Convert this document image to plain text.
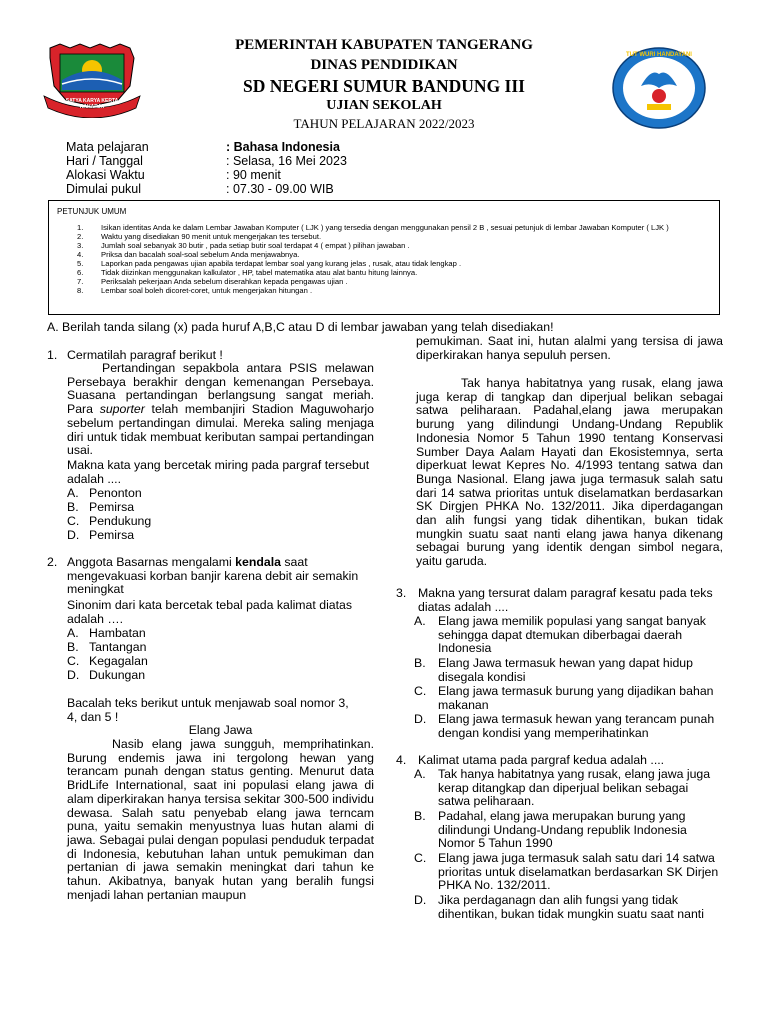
SATYA KARYA KERTA RAHARJA
TUT WURI HANDAYANI
PEMERINTAH KABUPATEN TANGERANG
DINAS PENDIDIKAN
SD NEGERI SUMUR BANDUNG III
UJIAN SEKOLAH
TAHUN PELAJARAN 2022/2023
Mata pelajaran	: Bahasa Indonesia
Hari / Tanggal	: Selasa, 16 Mei 2023
Alokasi Waktu	: 90 menit
Dimulai pukul	: 07.30 - 09.00 WIB
PETUNJUK UMUM
1. Isikan identitas Anda ke dalam Lembar Jawaban Komputer ( LJK ) yang tersedia dengan menggunakan pensil 2 B , sesuai petunjuk di lembar Jawaban Komputer ( LJK )
2. Waktu yang disediakan 90 menit untuk mengerjakan tes tersebut.
3. Jumlah soal sebanyak 30 butir , pada setiap butir soal terdapat 4 ( empat ) pilihan jawaban .
4. Priksa dan bacalah soal-soal sebelum Anda menjawabnya.
5. Laporkan pada pengawas ujian apabila terdapat lembar soal yang kurang jelas , rusak, atau tidak lengkap .
6. Tidak diizinkan menggunakan kalkulator , HP, tabel matematika atau alat bantu hitung lainnya.
7. Periksalah pekerjaan Anda sebelum diserahkan kepada pengawas ujian .
8. Lembar soal boleh dicoret-coret, untuk mengerjakan hitungan .
A. Berilah tanda silang (x) pada huruf A,B,C atau D di lembar jawaban yang telah disediakan!
1. Cermatilah paragraf berikut !
Pertandingan sepakbola antara PSIS melawan Persebaya berakhir dengan kemenangan Persebaya. Suasana pertandingan berlangsung sangat meriah. Para suporter telah membanjiri Stadion Maguwoharjo sebelum pertandingan dimulai. Mereka saling menjaga diri untuk tidak membuat keributan sampai pertandingan usai.
Makna kata yang bercetak miring pada pargraf tersebut adalah ....
A. Penonton
B. Pemirsa
C. Pendukung
D. Pemirsa
2. Anggota Basarnas mengalami kendala saat mengevakuasi korban banjir karena debit air semakin meningkat
Sinonim dari kata bercetak tebal pada kalimat diatas adalah ….
A. Hambatan
B. Tantangan
C. Kegagalan
D. Dukungan
Bacalah teks berikut untuk menjawab soal nomor 3, 4, dan 5 !
Elang Jawa
Nasib elang jawa sungguh, memprihatinkan. Burung endemis jawa ini tergolong hewan yang terancam punah dengan status genting. Menurut data BridLife International, saat ini populasi elang jawa di alam diperkirakan hanya tersisa sekitar 300-500 individu dewasa. Salah satu penyebab elang jawa terncam puna, yaitu semakin menyustnya luas hutan alami di jawa. Sebagai pulai dengan populasi penduduk terpadat di Indonesia, kebutuhan lahan untuk pemukiman dan pertanian di jawa semakin meningkat dari tahun ke tahun. Akibatnya, banyak hutan yang beralih fungsi menjadi lahan pertanian maupun
pemukiman. Saat ini, hutan alalmi yang tersisa di jawa diperkirakan hanya sepuluh persen.
Tak hanya habitatnya yang rusak, elang jawa juga kerap di tangkap dan diperjual belikan sebagai satwa peliharaan. Padahal,elang jawa merupakan burung yang dilindungi Undang-Undang Republik Indonesia Nomor 5 Tahun 1990 tentang Konservasi Sumber Daya Aalam Hayati dan Ekosistemnya, serta diperkuat lewat Kepres No. 4/1993 tentang satwa dan Bunga Nasional. Elang jawa juga termasuk salah satu dari 14 satwa prioritas untuk diselamatkan berdasarkan SK Dirgjen PHKA No. 132/2011. Jika diperdagangan dan alih fungsi yang tidak dihentikan, bukan tidak mungkin suatu saat nanti elang jawa hanya dikenang sebagai burung yang identik dengan simbol negara, yaitu garuda.
3. Makna yang tersurat dalam paragraf kesatu pada teks diatas adalah ....
A. Elang jawa memilik populasi yang sangat banyak sehingga dapat dtemukan diberbagai daerah Indonesia
B. Elang Jawa termasuk hewan yang dapat hidup disegala kondisi
C. Elang jawa termasuk burung yang dijadikan bahan makanan
D. Elang jawa termasuk hewan yang terancam punah dengan kondisi yang memperihatinkan
4. Kalimat utama pada pargraf kedua adalah ....
A. Tak hanya habitatnya yang rusak, elang jawa juga kerap ditangkap dan diperjual belikan sebagai satwa peliharaan.
B. Padahal, elang jawa merupakan burung yang dilindungi Undang-Undang republik Indonesia Nomor 5 Tahun 1990
C. Elang jawa juga termasuk salah satu dari 14 satwa prioritas untuk diselamatkan berdasarkan SK Dirjen PHKA No. 132/2011.
D. Jika perdaganagn dan alih fungsi yang tidak dihentikan, bukan tidak mungkin suatu saat nanti
